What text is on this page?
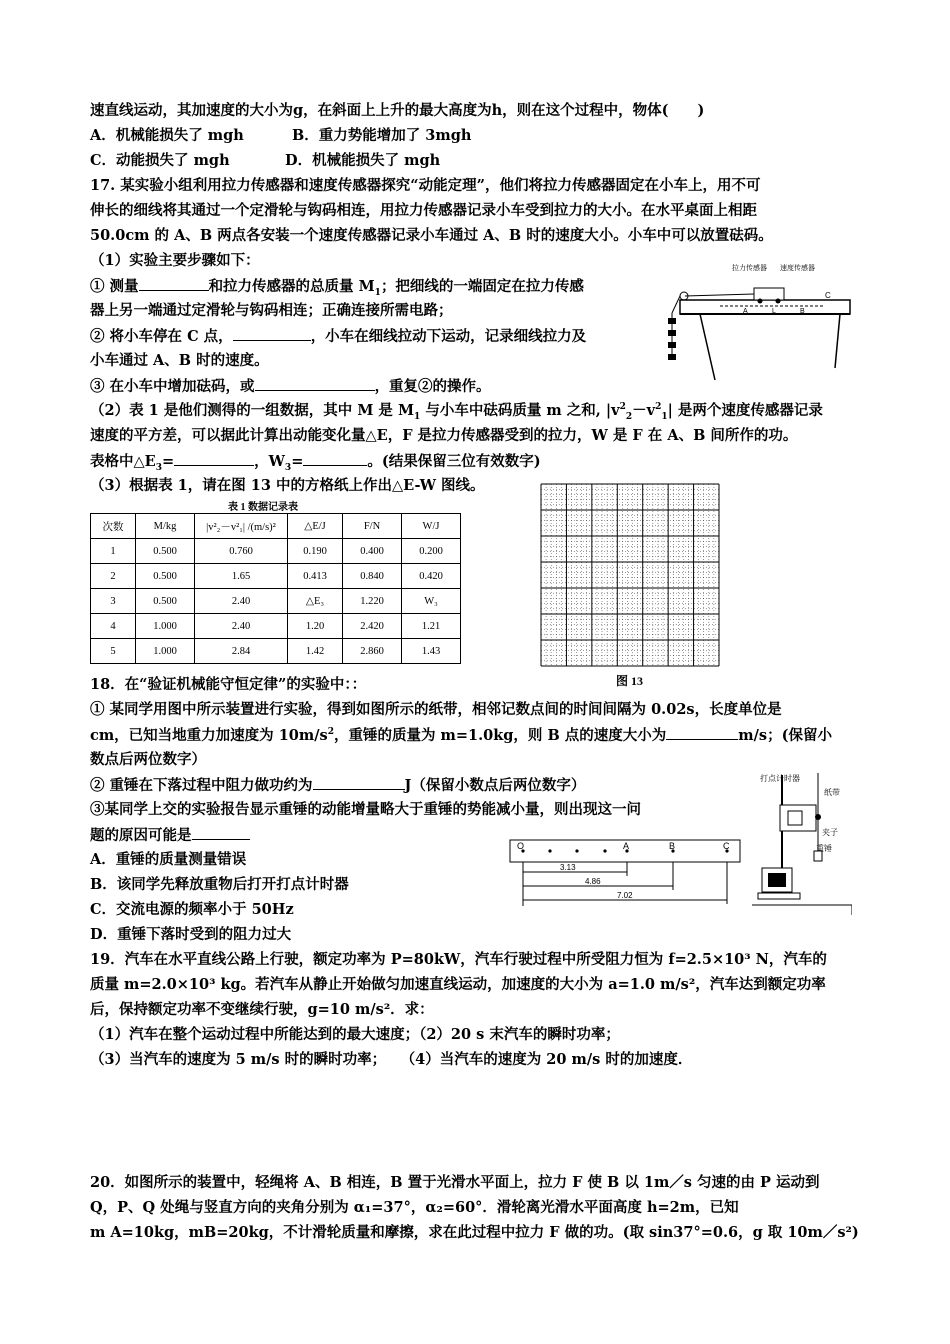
速直线运动，其加速度的大小为g，在斜面上上升的最大高度为h，则在这个过程中，物体(　　)
A．机械能损失了 mgh	B．重力势能增加了 3mgh
C．动能损失了 mgh	D．机械能损失了 mgh
17. 某实验小组利用拉力传感器和速度传感器探究“动能定理”，他们将拉力传感器固定在小车上，用不可
伸长的细线将其通过一个定滑轮与钩码相连，用拉力传感器记录小车受到拉力的大小。在水平桌面上相距
50.0cm 的 A、B 两点各安装一个速度传感器记录小车通过 A、B 时的速度大小。小车中可以放置砝码。
（1）实验主要步骤如下：
① 测量	和拉力传感器的总质量 $M_1$；把细线的一端固定在拉力传感
器上另一端通过定滑轮与钩码相连；正确连接所需电路；
② 将小车停在 C 点，	，小车在细线拉动下运动，记录细线拉力及
小车通过 A、B 时的速度。
③ 在小车中增加砝码，或	，重复②的操作。
（2）表 1 是他们测得的一组数据，其中 M 是 $M_1$ 与小车中砝码质量 m 之和, $|v^2_2-v^2_1|$ 是两个速度传感器记录
速度的平方差，可以据此计算出动能变化量△E，F 是拉力传感器受到的拉力，W 是 F 在 A、B 间所作的功。
表格中$\triangle E_3=$	，$W_3=$	。(结果保留三位有效数字)
（3）根据表 1，请在图 13 中的方格纸上作出△E-W 图线。
拉力传感器 速度传感器
C
A	L	B
表 1 数据记录表
次数	M/kg	|v²₂－v²₁| /(m/s)²	△E/J	F/N	W/J
1	0.500	0.760	0.190	0.400	0.200
2	0.500	1.65	0.413	0.840	0.420
3	0.500	2.40	△E₃	1.220	W₃
4	1.000	2.40	1.20	2.420	1.21
5	1.000	2.84	1.42	2.860	1.43
图 13
18．在“验证机械能守恒定律”的实验中：：
① 某同学用图中所示装置进行实验，得到如图所示的纸带，相邻记数点间的时间间隔为 0.02s，长度单位是
cm，已知当地重力加速度为 $10m/s^2$，重锤的质量为 m=1.0kg，则 B 点的速度大小为	m/s；(保留小
数点后两位数字）
② 重锤在下落过程中阻力做功约为	J（保留小数点后两位数字）
③某同学上交的实验报告显示重锤的动能增量略大于重锤的势能减小量，则出现这一问
题的原因可能是
A．重锤的质量测量错误
B．该同学先释放重物后打开打点计时器
C．交流电源的频率小于 50Hz
D．重锤下落时受到的阻力过大
O	A	B	C
3.13
4.86
7.02
打点计时器
纸带
夹子
重锤
19．汽车在水平直线公路上行驶，额定功率为 P=80kW，汽车行驶过程中所受阻力恒为 f=2.5×10³ N，汽车的
质量 m=2.0×10³ kg。若汽车从静止开始做匀加速直线运动，加速度的大小为 a=1.0 m/s²，汽车达到额定功率
后，保持额定功率不变继续行驶，g=10 m/s²．求：
（1）汽车在整个运动过程中所能达到的最大速度；（2）20 s 末汽车的瞬时功率；
（3）当汽车的速度为 5 m/s 时的瞬时功率；　　（4）当汽车的速度为 20 m/s 时的加速度．
20．如图所示的装置中，轻绳将 A、B 相连，B 置于光滑水平面上，拉力 F 使 B 以 1m／s 匀速的由 P 运动到
Q，P、Q 处绳与竖直方向的夹角分别为 α₁=37°，α₂=60°．滑轮离光滑水平面高度 h=2m，已知
m A=10kg，mB=20kg，不计滑轮质量和摩擦，求在此过程中拉力 F 做的功。(取 sin37°=0.6，g 取 10m／s²)
